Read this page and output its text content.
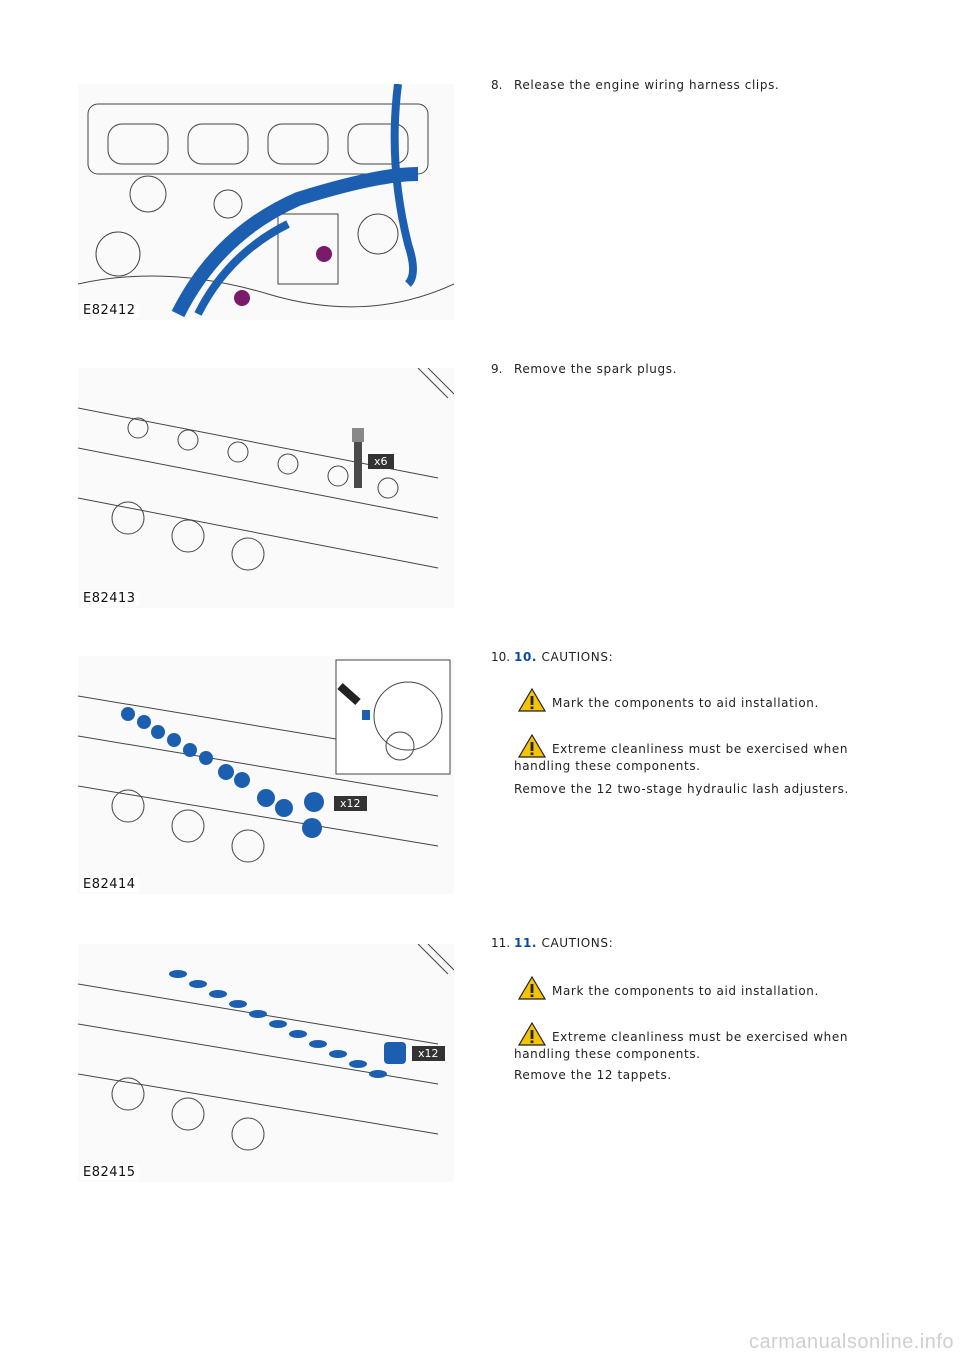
E82412
8. Release the engine wiring harness clips.
x6
E82413
9. Remove the spark plugs.
x12
E82414
10. 10. CAUTIONS:
Mark the components to aid installation.
Extreme cleanliness must be exercised when handling these components.
Remove the 12 two-stage hydraulic lash adjusters.
x12
E82415
11. 11. CAUTIONS:
Mark the components to aid installation.
Extreme cleanliness must be exercised when handling these components.
Remove the 12 tappets.
carmanualsonline.info
